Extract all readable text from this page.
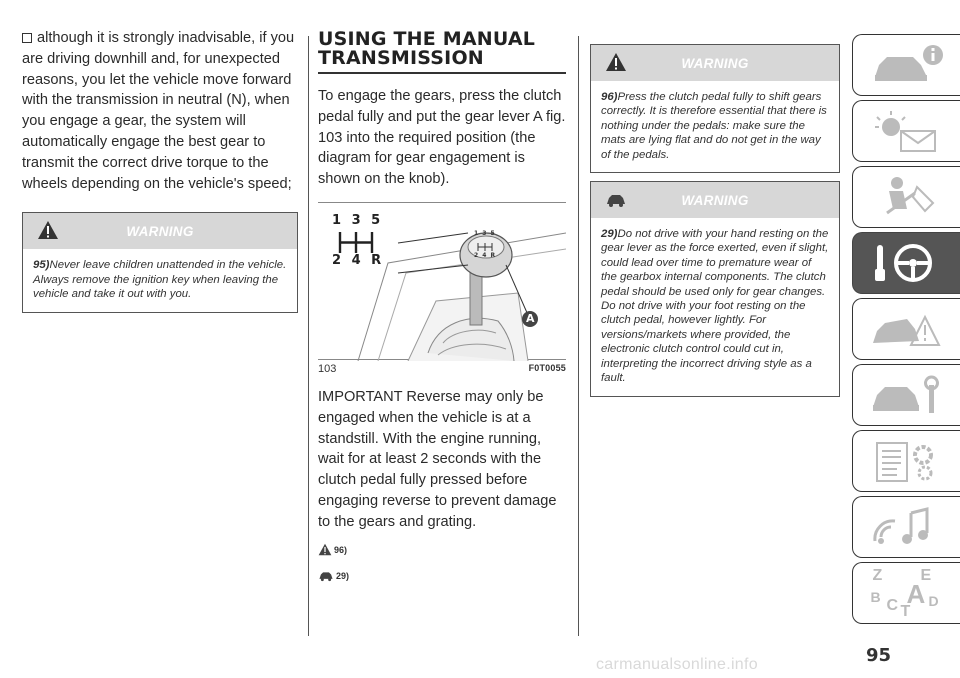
although it is strongly inadvisable, if you are driving downhill and, for unexpected reasons, you let the vehicle move forward with the transmission in neutral (N), when you engage a gear, the system will automatically engage the best gear to transmit the correct drive torque to the wheels depending on the vehicle's speed;

WARNING
95)Never leave children unattended in the vehicle. Always remove the ignition key when leaving the vehicle and take it out with you.
USING THE MANUAL
TRANSMISSION

To engage the gears, press the clutch pedal fully and put the gear lever A fig. 103 into the required position (the diagram for gear engagement is shown on the knob).

1 3 5
2 4 R
1 3 5
2 4 R
A
103	F0T0055

IMPORTANT Reverse may only be engaged when the vehicle is at a standstill. With the engine running, wait for at least 2 seconds with the clutch pedal fully pressed before engaging reverse to prevent damage to the gears and grating.

96)
29)
WARNING
96)Press the clutch pedal fully to shift gears correctly. It is therefore essential that there is nothing under the pedals: make sure the mats are lying flat and do not get in the way of the pedals.
WARNING
29)Do not drive with your hand resting on the gear lever as the force exerted, even if slight, could lead over time to premature wear of the gearbox internal components. The clutch pedal should be used only for gear changes. Do not drive with your foot resting on the clutch pedal, however lightly. For versions/markets where provided, the electronic clutch control could cut in, interpreting the incorrect driving style as a fault.
Z E
B A
C D
T
95
carmanualsonline.info
